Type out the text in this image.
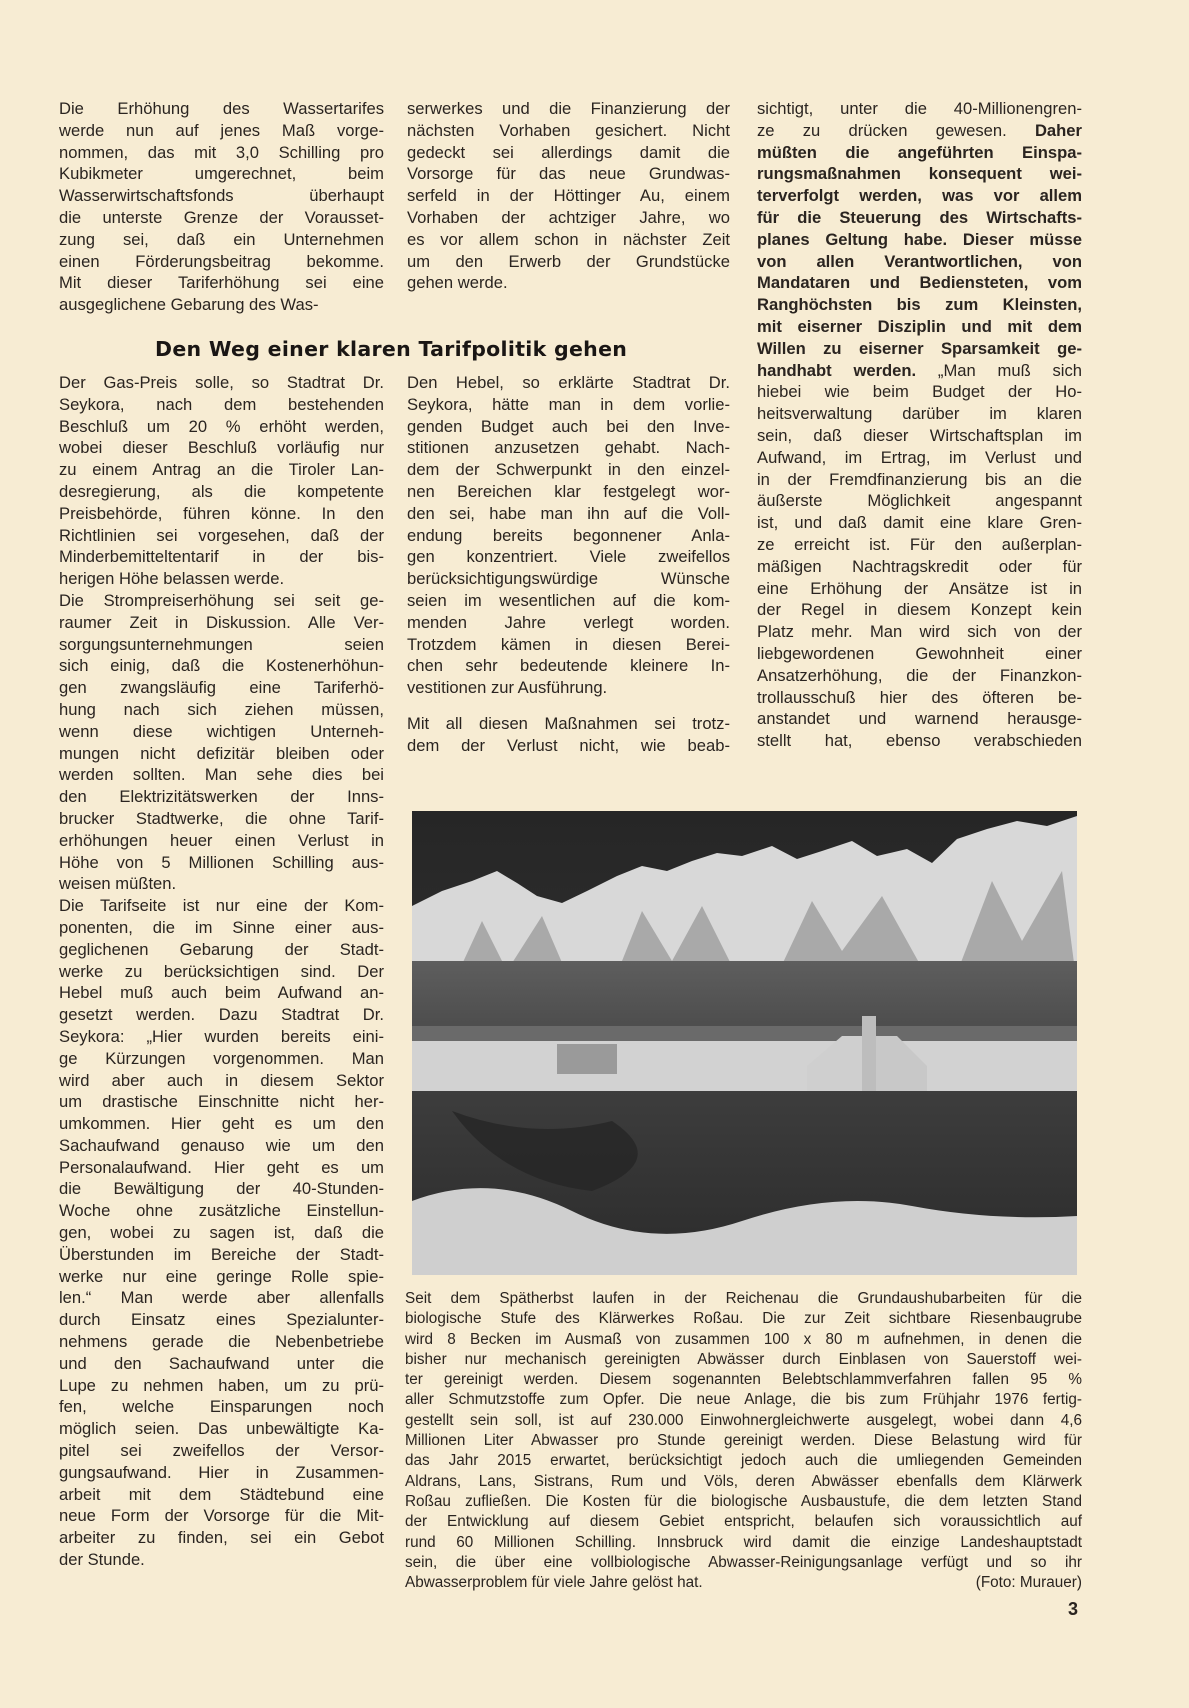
Die Erhöhung des Wassertarifes
werde nun auf jenes Maß vorge-
nommen, das mit 3,0 Schilling pro
Kubikmeter umgerechnet, beim
Wasserwirtschaftsfonds überhaupt
die unterste Grenze der Vorausset-
zung sei, daß ein Unternehmen
einen Förderungsbeitrag bekomme.
Mit dieser Tariferhöhung sei eine
ausgeglichene Gebarung des Was-
serwerkes und die Finanzierung der
nächsten Vorhaben gesichert. Nicht
gedeckt sei allerdings damit die
Vorsorge für das neue Grundwas-
serfeld in der Höttinger Au, einem
Vorhaben der achtziger Jahre, wo
es vor allem schon in nächster Zeit
um den Erwerb der Grundstücke
gehen werde.
sichtigt, unter die 40-Millionengren-
ze zu drücken gewesen. Daher
müßten die angeführten Einspa-
rungsmaßnahmen konsequent wei-
terverfolgt werden, was vor allem
für die Steuerung des Wirtschafts-
planes Geltung habe. Dieser müsse
von allen Verantwortlichen, von
Mandataren und Bediensteten, vom
Ranghöchsten bis zum Kleinsten,
mit eiserner Disziplin und mit dem
Willen zu eiserner Sparsamkeit ge-
handhabt werden. „Man muß sich
hiebei wie beim Budget der Ho-
heitsverwaltung darüber im klaren
sein, daß dieser Wirtschaftsplan im
Aufwand, im Ertrag, im Verlust und
in der Fremdfinanzierung bis an die
äußerste Möglichkeit angespannt
ist, und daß damit eine klare Gren-
ze erreicht ist. Für den außerplan-
mäßigen Nachtragskredit oder für
eine Erhöhung der Ansätze ist in
der Regel in diesem Konzept kein
Platz mehr. Man wird sich von der
liebgewordenen Gewohnheit einer
Ansatzerhöhung, die der Finanzkon-
trollausschuß hier des öfteren be-
anstandet und warnend herausge-
stellt hat, ebenso verabschieden
Den Weg einer klaren Tarifpolitik gehen
Der Gas-Preis solle, so Stadtrat Dr.
Seykora, nach dem bestehenden
Beschluß um 20 % erhöht werden,
wobei dieser Beschluß vorläufig nur
zu einem Antrag an die Tiroler Lan-
desregierung, als die kompetente
Preisbehörde, führen könne. In den
Richtlinien sei vorgesehen, daß der
Minderbemitteltentarif in der bis-
herigen Höhe belassen werde.
Die Strompreiserhöhung sei seit ge-
raumer Zeit in Diskussion. Alle Ver-
sorgungsunternehmungen seien
sich einig, daß die Kostenerhöhun-
gen zwangsläufig eine Tariferhö-
hung nach sich ziehen müssen,
wenn diese wichtigen Unterneh-
mungen nicht defizitär bleiben oder
werden sollten. Man sehe dies bei
den Elektrizitätswerken der Inns-
brucker Stadtwerke, die ohne Tarif-
erhöhungen heuer einen Verlust in
Höhe von 5 Millionen Schilling aus-
weisen müßten.
Die Tarifseite ist nur eine der Kom-
ponenten, die im Sinne einer aus-
geglichenen Gebarung der Stadt-
werke zu berücksichtigen sind. Der
Hebel muß auch beim Aufwand an-
gesetzt werden. Dazu Stadtrat Dr.
Seykora: „Hier wurden bereits eini-
ge Kürzungen vorgenommen. Man
wird aber auch in diesem Sektor
um drastische Einschnitte nicht her-
umkommen. Hier geht es um den
Sachaufwand genauso wie um den
Personalaufwand. Hier geht es um
die Bewältigung der 40-Stunden-
Woche ohne zusätzliche Einstellun-
gen, wobei zu sagen ist, daß die
Überstunden im Bereiche der Stadt-
werke nur eine geringe Rolle spie-
len.“ Man werde aber allenfalls
durch Einsatz eines Spezialunter-
nehmens gerade die Nebenbetriebe
und den Sachaufwand unter die
Lupe zu nehmen haben, um zu prü-
fen, welche Einsparungen noch
möglich seien. Das unbewältigte Ka-
pitel sei zweifellos der Versor-
gungsaufwand. Hier in Zusammen-
arbeit mit dem Städtebund eine
neue Form der Vorsorge für die Mit-
arbeiter zu finden, sei ein Gebot
der Stunde.
Den Hebel, so erklärte Stadtrat Dr.
Seykora, hätte man in dem vorlie-
genden Budget auch bei den Inve-
stitionen anzusetzen gehabt. Nach-
dem der Schwerpunkt in den einzel-
nen Bereichen klar festgelegt wor-
den sei, habe man ihn auf die Voll-
endung bereits begonnener Anla-
gen konzentriert. Viele zweifellos
berücksichtigungswürdige Wünsche
seien im wesentlichen auf die kom-
menden Jahre verlegt worden.
Trotzdem kämen in diesen Berei-
chen sehr bedeutende kleinere In-
vestitionen zur Ausführung.
Mit all diesen Maßnahmen sei trotz-
dem der Verlust nicht, wie beab-
Seit dem Spätherbst laufen in der Reichenau die Grundaushubarbeiten für die
biologische Stufe des Klärwerkes Roßau. Die zur Zeit sichtbare Riesenbaugrube
wird 8 Becken im Ausmaß von zusammen 100 x 80 m aufnehmen, in denen die
bisher nur mechanisch gereinigten Abwässer durch Einblasen von Sauerstoff wei-
ter gereinigt werden. Diesem sogenannten Belebtschlammverfahren fallen 95 %
aller Schmutzstoffe zum Opfer. Die neue Anlage, die bis zum Frühjahr 1976 fertig-
gestellt sein soll, ist auf 230.000 Einwohnergleichwerte ausgelegt, wobei dann 4,6
Millionen Liter Abwasser pro Stunde gereinigt werden. Diese Belastung wird für
das Jahr 2015 erwartet, berücksichtigt jedoch auch die umliegenden Gemeinden
Aldrans, Lans, Sistrans, Rum und Völs, deren Abwässer ebenfalls dem Klärwerk
Roßau zufließen. Die Kosten für die biologische Ausbaustufe, die dem letzten Stand
der Entwicklung auf diesem Gebiet entspricht, belaufen sich voraussichtlich auf
rund 60 Millionen Schilling. Innsbruck wird damit die einzige Landeshauptstadt
sein, die über eine vollbiologische Abwasser-Reinigungsanlage verfügt und so ihr
Abwasserproblem für viele Jahre gelöst hat.	(Foto: Murauer)
3
